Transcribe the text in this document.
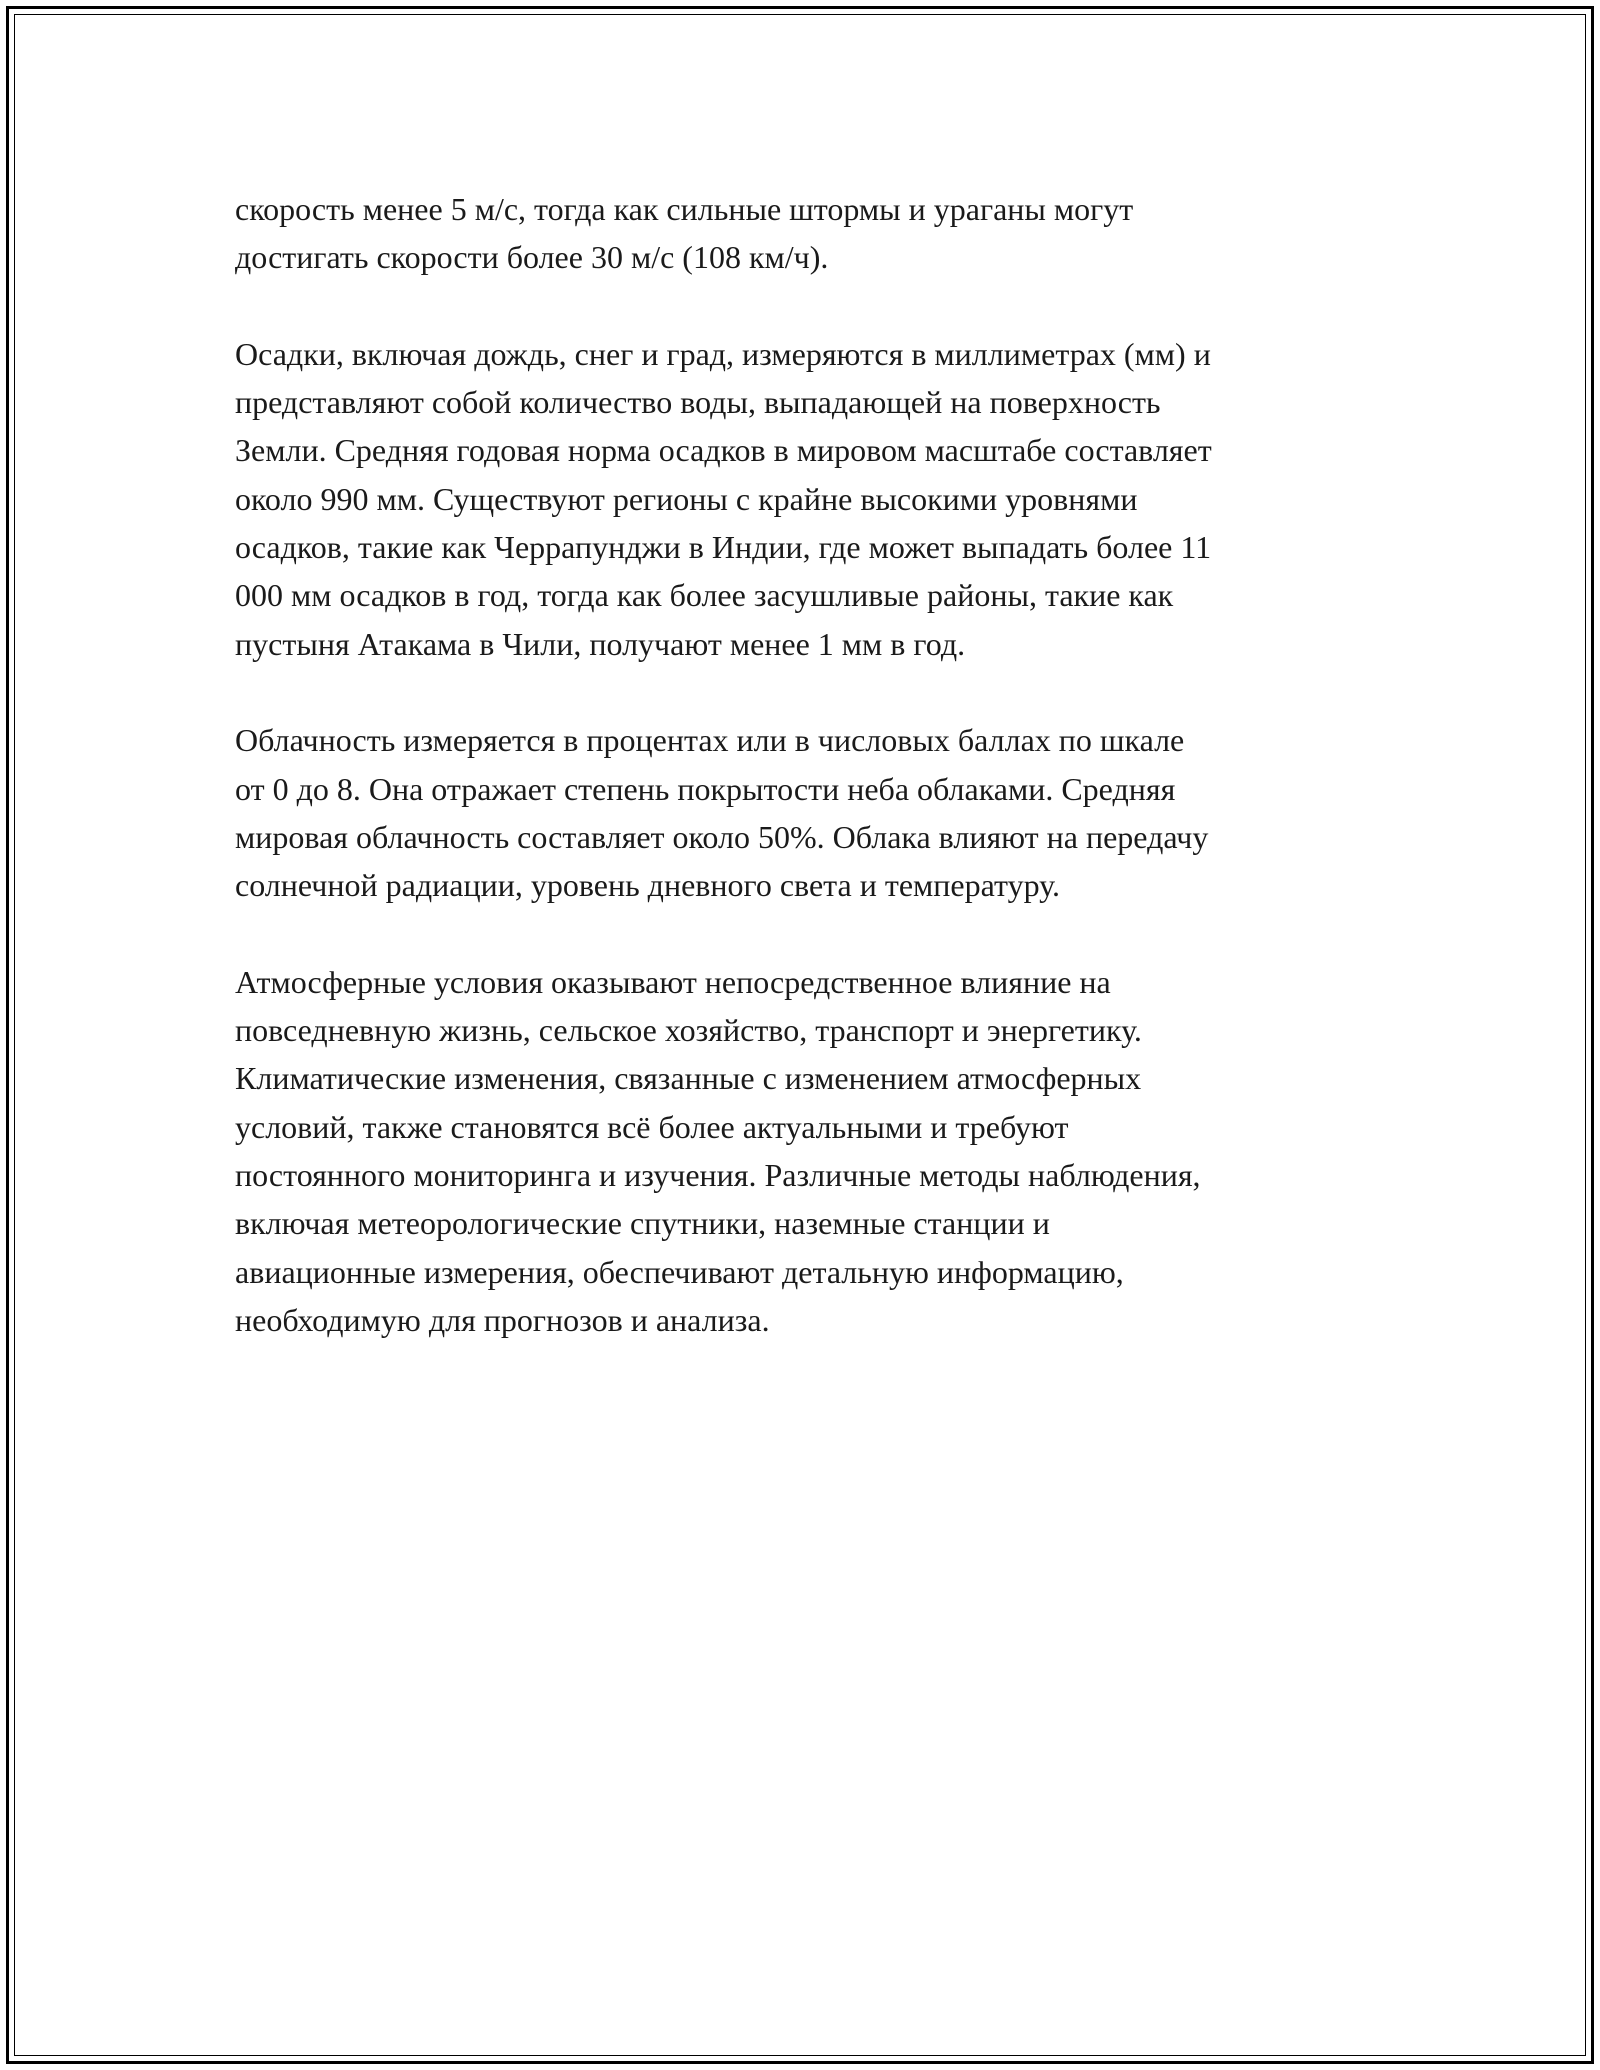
скорость менее 5 м/с, тогда как сильные штормы и ураганы могут
достигать скорости более 30 м/с (108 км/ч).

Осадки, включая дождь, снег и град, измеряются в миллиметрах (мм) и
представляют собой количество воды, выпадающей на поверхность
Земли. Средняя годовая норма осадков в мировом масштабе составляет
около 990 мм. Существуют регионы с крайне высокими уровнями
осадков, такие как Черрапунджи в Индии, где может выпадать более 11
000 мм осадков в год, тогда как более засушливые районы, такие как
пустыня Атакама в Чили, получают менее 1 мм в год.

Облачность измеряется в процентах или в числовых баллах по шкале
от 0 до 8. Она отражает степень покрытости неба облаками. Средняя
мировая облачность составляет около 50%. Облака влияют на передачу
солнечной радиации, уровень дневного света и температуру.

Атмосферные условия оказывают непосредственное влияние на
повседневную жизнь, сельское хозяйство, транспорт и энергетику.
Климатические изменения, связанные с изменением атмосферных
условий, также становятся всё более актуальными и требуют
постоянного мониторинга и изучения. Различные методы наблюдения,
включая метеорологические спутники, наземные станции и
авиационные измерения, обеспечивают детальную информацию,
необходимую для прогнозов и анализа.
